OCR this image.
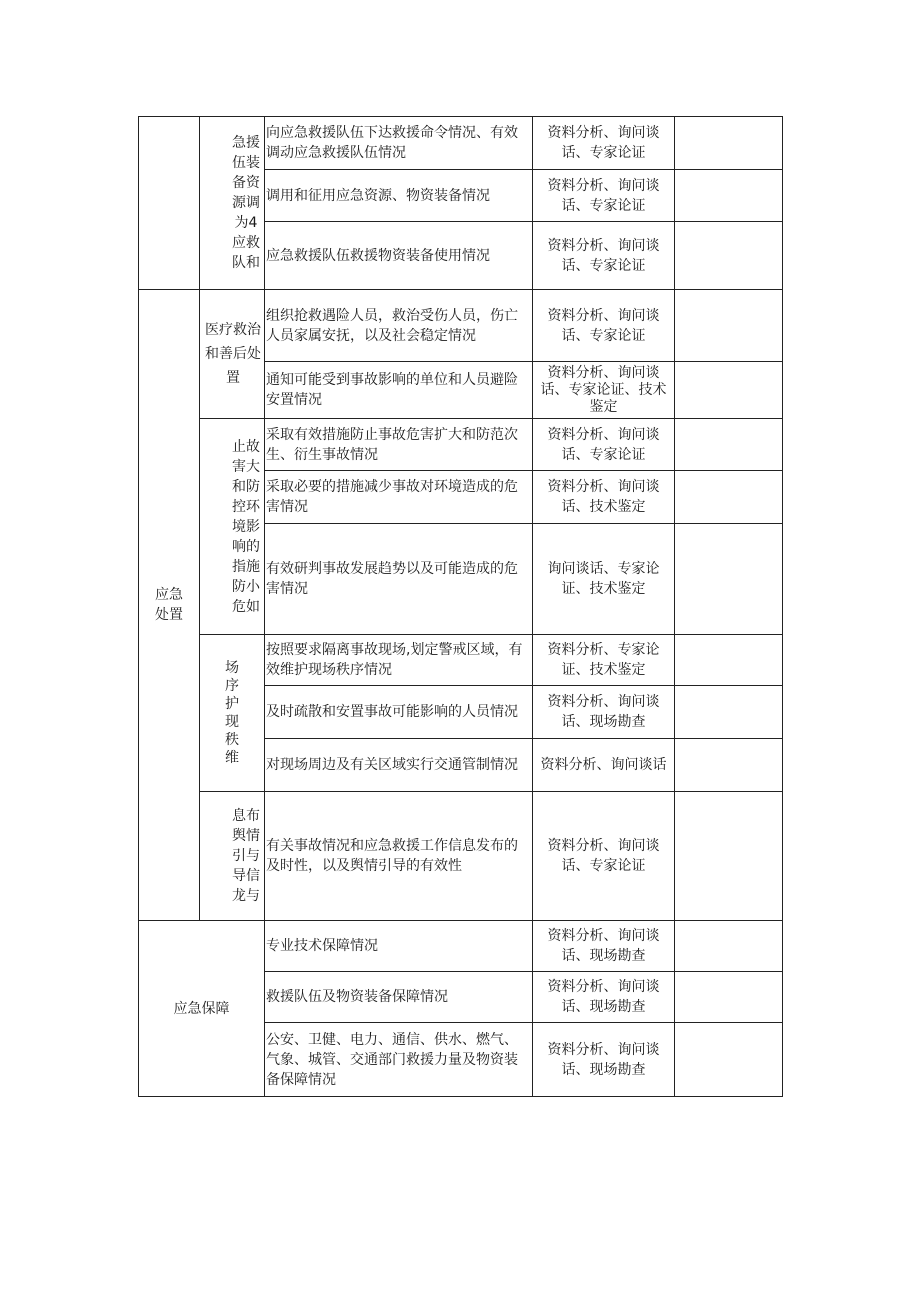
	急援伍装备资源调为4应救队和	向应急救援队伍下达救援命令情况、有效调动应急救援队伍情况	资料分析、询问谈话、专家论证	
		调用和征用应急资源、物资装备情况	资料分析、询问谈话、专家论证	
		应急救援队伍救援物资装备使用情况	资料分析、询问谈话、专家论证	

应急处置	医疗救治和善后处置	组织抢救遇险人员，救治受伤人员，伤亡人员家属安抚，以及社会稳定情况	资料分析、询问谈话、专家论证	
		通知可能受到事故影响的单位和人员避险安置情况	资料分析、询问谈话、专家论证、技术鉴定	

	止故害大和防控环境影响的指施防小危如	采取有效措施防止事故危害扩大和防范次生、衍生事故情况	资料分析、询问谈话、专家论证	
		采取必要的措施减少事故对环境造成的危害情况	资料分析、询问谈话、技术鉴定	
		有效研判事故发展趋势以及可能造成的危害情况	询问谈话、专家论证、技术鉴定	

	场序护现秩维	按照要求隔离事故现场,划定警戒区域，有效维护现场秩序情况	资料分析、专家论证、技术鉴定	
		及时疏散和安置事故可能影响的人员情况	资料分析、询问谈话、现场勘查	
		对现场周边及有关区域实行交通管制情况	资料分析、询问谈话	

	息布舆情引与导信龙与	有关事故情况和应急救援工作信息发布的及时性，以及舆情引导的有效性	资料分析、询问谈话、专家论证	
应急保障		专业技术保障情况	资料分析、询问谈话、现场勘查	
		救援队伍及物资装备保障情况	资料分析、询问谈话、现场勘查	
		公安、卫健、电力、通信、供水、燃气、气象、城管、交通部门救援力量及物资装备保障情况	资料分析、询问谈话、现场勘查	
